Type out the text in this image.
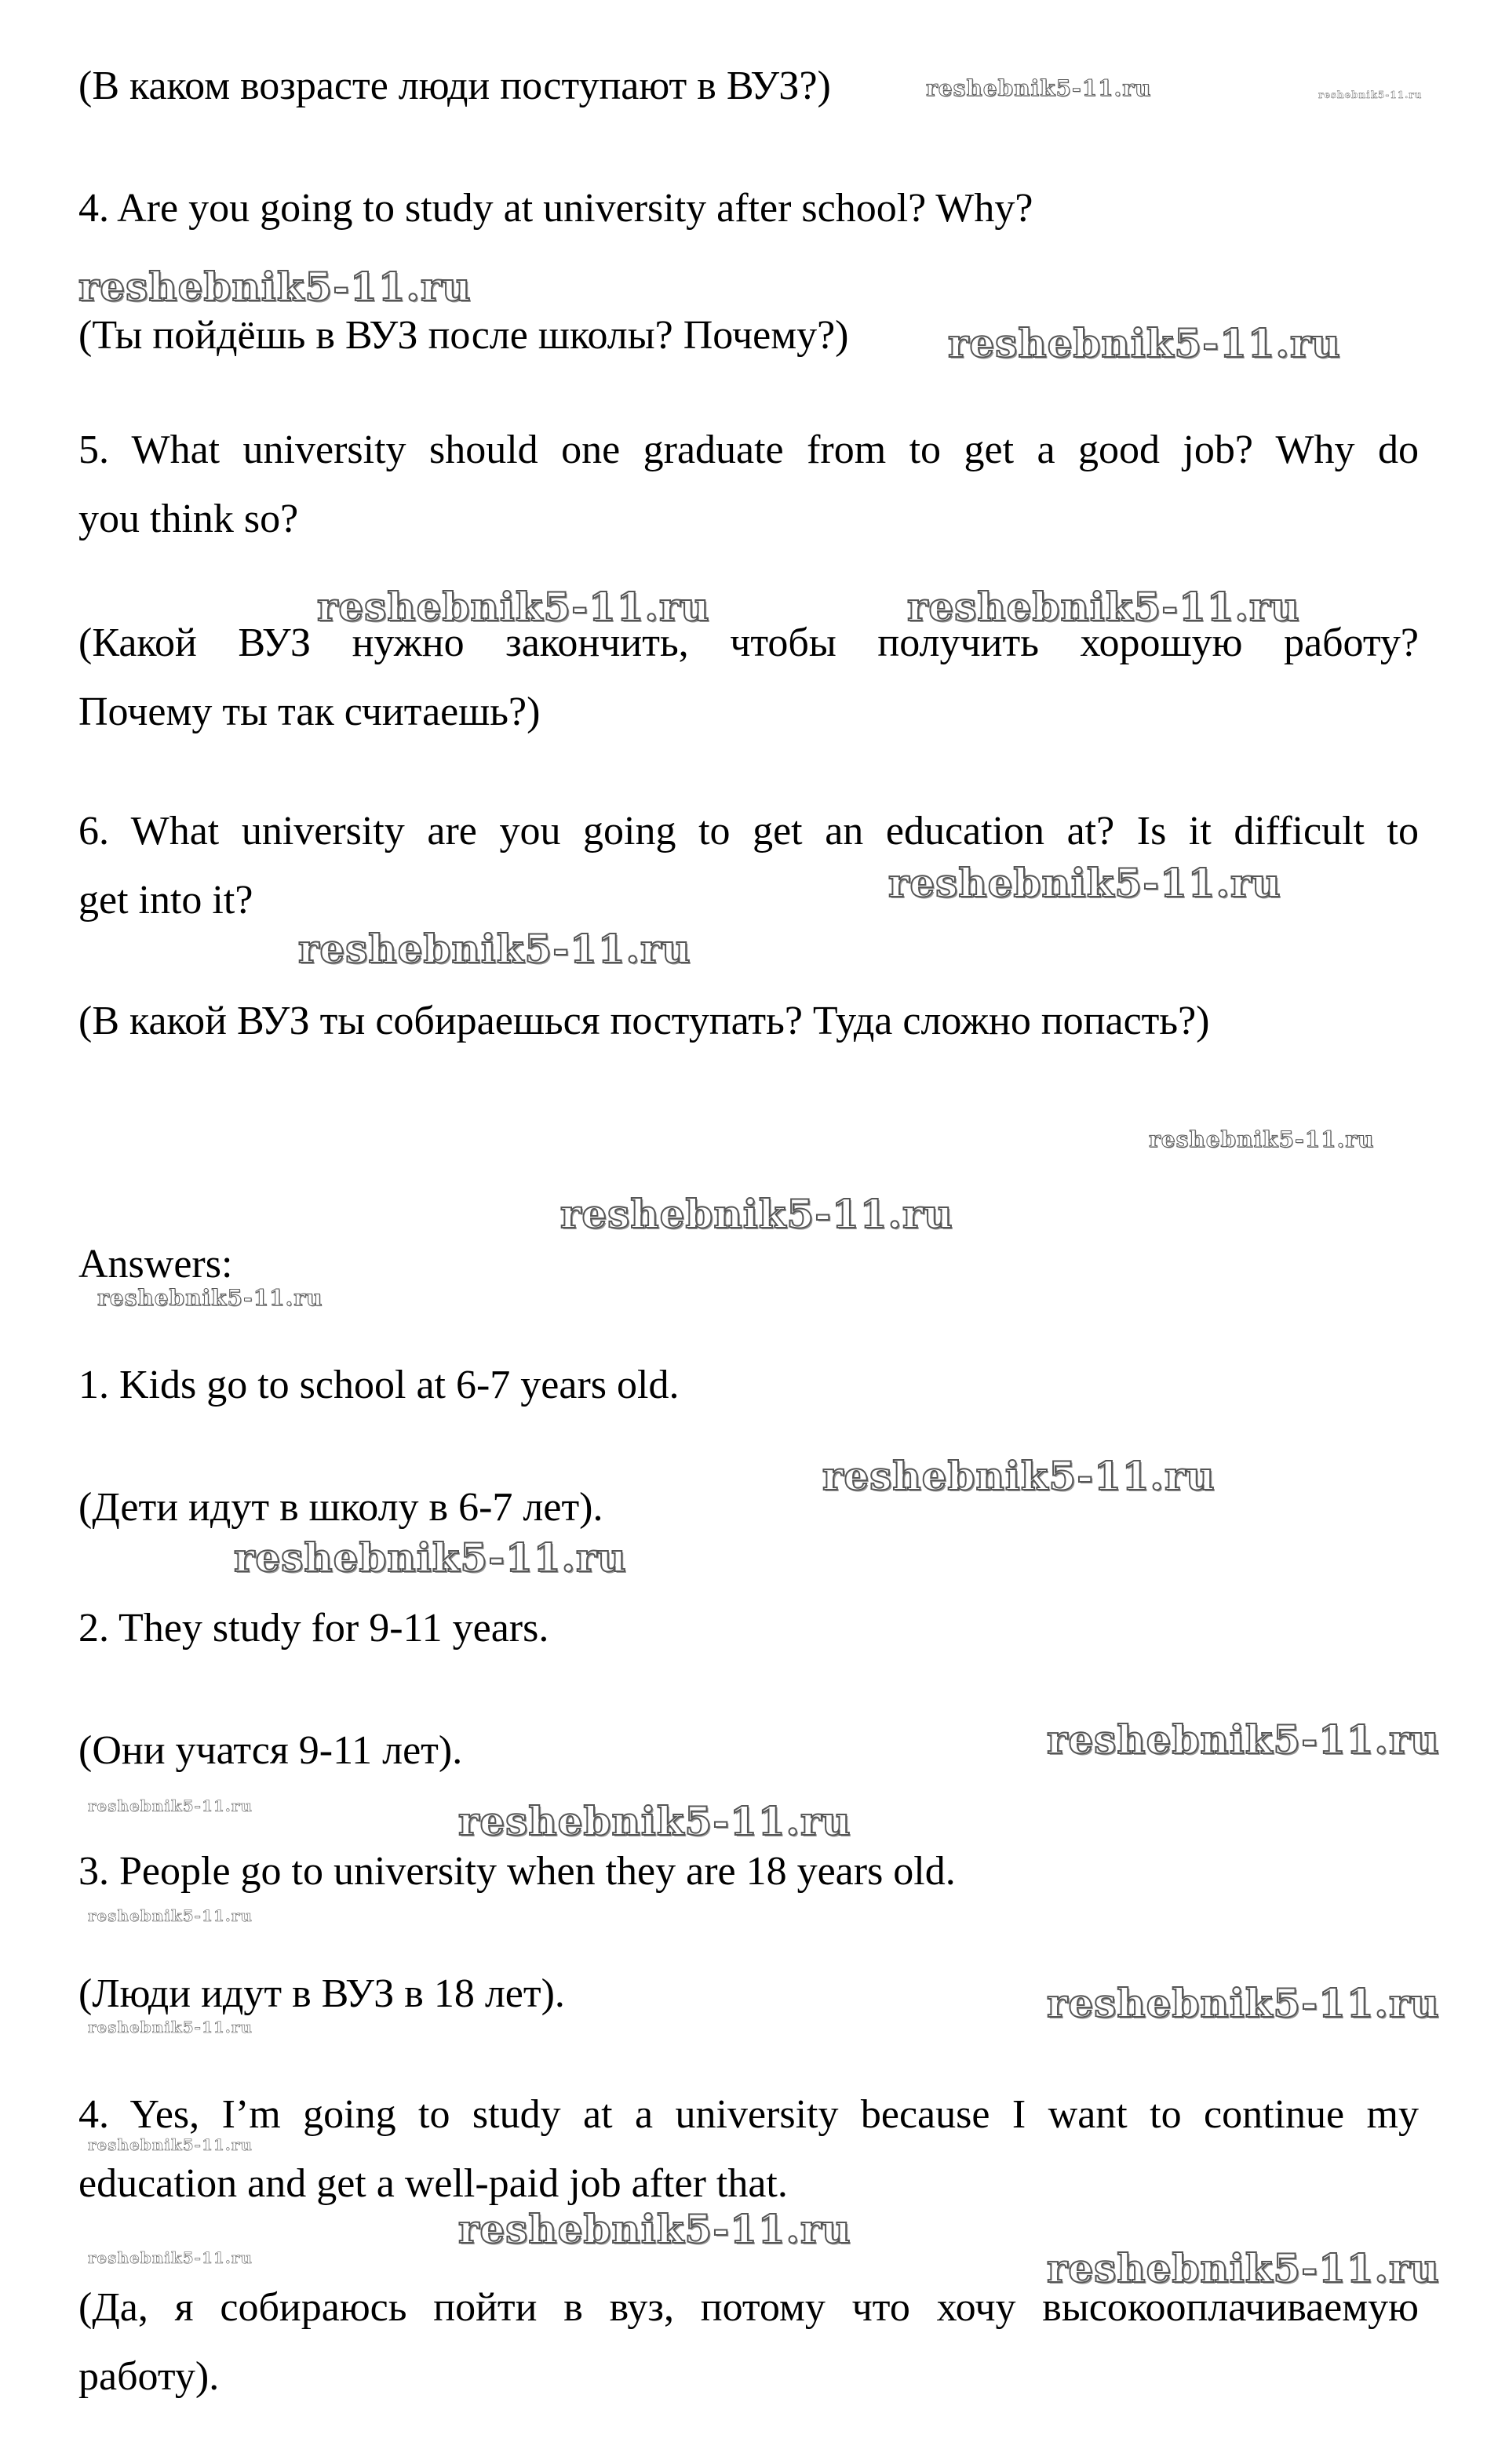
(В каком возрасте люди поступают в ВУЗ?)

4. Are you going to study at university after school? Why?

(Ты пойдёшь в ВУЗ после школы? Почему?)

5. What university should one graduate from to get a good job? Why do

you think so?

(Какой ВУЗ нужно закончить, чтобы получить хорошую работу?

Почему ты так считаешь?)

6. What university are you going to get an education at? Is it difficult to

get into it?

(В какой ВУЗ ты собираешься поступать? Туда сложно попасть?)

Answers:

1. Kids go to school at 6-7 years old.

(Дети идут в школу в 6-7 лет).

2. They study for 9-11 years.

(Они учатся 9-11 лет).

3. People go to university when they are 18 years old.

(Люди идут в ВУЗ в 18 лет).

4. Yes, I’m going to study at a university because I want to continue my

education and get a well-paid job after that.

(Да, я собираюсь пойти в вуз, потому что хочу высокооплачиваемую

работу).

reshebnik5-11.ru	reshebnik5-11.ru
reshebnik5-11.ru
reshebnik5-11.ru
reshebnik5-11.ru	reshebnik5-11.ru
reshebnik5-11.ru
reshebnik5-11.ru
reshebnik5-11.ru
reshebnik5-11.ru
reshebnik5-11.ru
reshebnik5-11.ru
reshebnik5-11.ru
reshebnik5-11.ru
reshebnik5-11.ru	reshebnik5-11.ru
reshebnik5-11.ru
reshebnik5-11.ru
reshebnik5-11.ru
reshebnik5-11.ru
reshebnik5-11.ru
reshebnik5-11.ru	reshebnik5-11.ru
